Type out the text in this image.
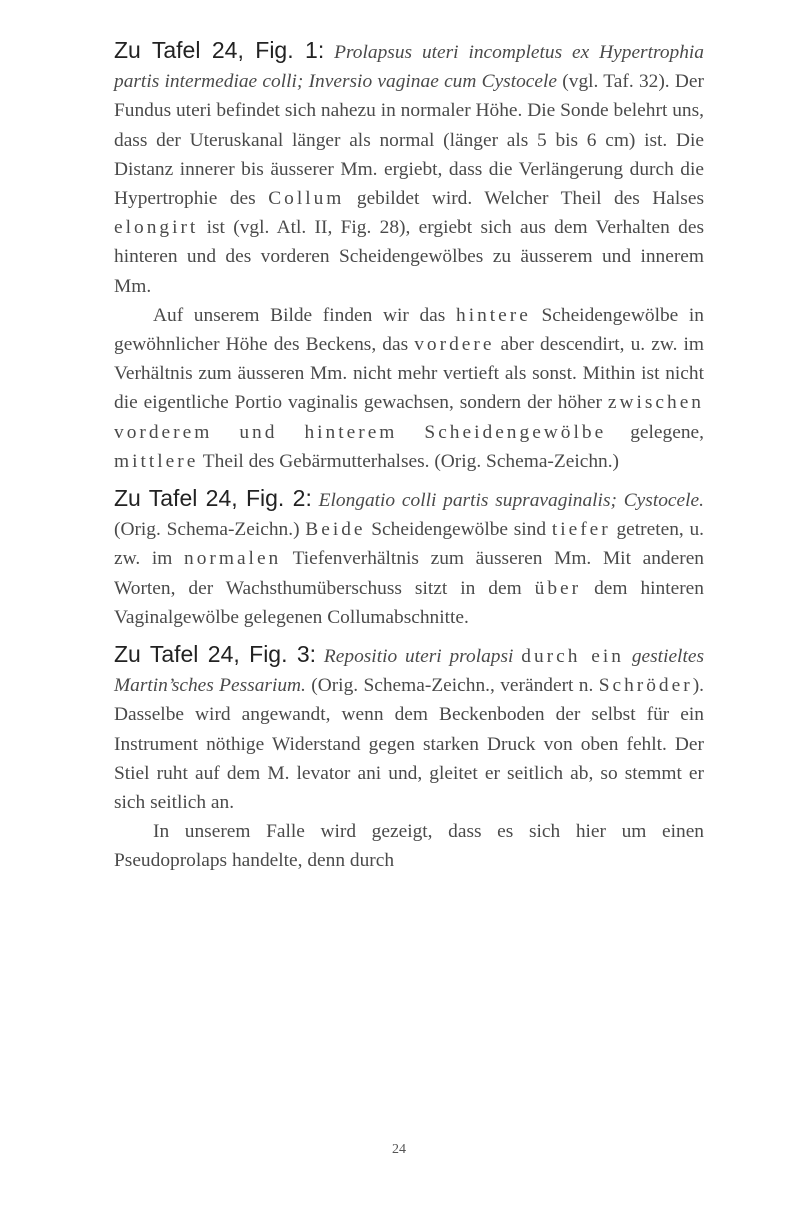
Zu Tafel 24, Fig. 1: Prolapsus uteri incompletus ex Hypertrophia partis intermediae colli; Inversio vaginae cum Cystocele (vgl. Taf. 32). Der Fundus uteri befindet sich nahezu in normaler Höhe. Die Sonde belehrt uns, dass der Uteruskanal länger als normal (länger als 5 bis 6 cm) ist. Die Distanz innerer bis äusserer Mm. ergiebt, dass die Verlängerung durch die Hypertrophie des Collum gebildet wird. Welcher Theil des Halses elongirt ist (vgl. Atl. II, Fig. 28), ergiebt sich aus dem Verhalten des hinteren und des vorderen Scheidengewölbes zu äusserem und innerem Mm.

Auf unserem Bilde finden wir das hintere Scheidengewölbe in gewöhnlicher Höhe des Beckens, das vordere aber descendirt, u. zw. im Verhältnis zum äusseren Mm. nicht mehr vertieft als sonst. Mithin ist nicht die eigentliche Portio vaginalis gewachsen, sondern der höher zwischen vorderem und hinterem Scheidengewölbe gelegene, mittlere Theil des Gebärmutterhalses. (Orig. Schema-Zeichn.)

Zu Tafel 24, Fig. 2: Elongatio colli partis supravaginalis; Cystocele. (Orig. Schema-Zeichn.) Beide Scheidengewölbe sind tiefer getreten, u. zw. im normalen Tiefenverhältnis zum äusseren Mm. Mit anderen Worten, der Wachsthumüberschuss sitzt in dem über dem hinteren Vaginalgewölbe gelegenen Collumabschnitte.

Zu Tafel 24, Fig. 3: Repositio uteri prolapsi durch ein gestieltes Martin’sches Pessarium. (Orig. Schema-Zeichn., verändert n. Schröder). Dasselbe wird angewandt, wenn dem Beckenboden der selbst für ein Instrument nöthige Widerstand gegen starken Druck von oben fehlt. Der Stiel ruht auf dem M. levator ani und, gleitet er seitlich ab, so stemmt er sich seitlich an.

In unserem Falle wird gezeigt, dass es sich hier um einen Pseudoprolaps handelte, denn durch

24
